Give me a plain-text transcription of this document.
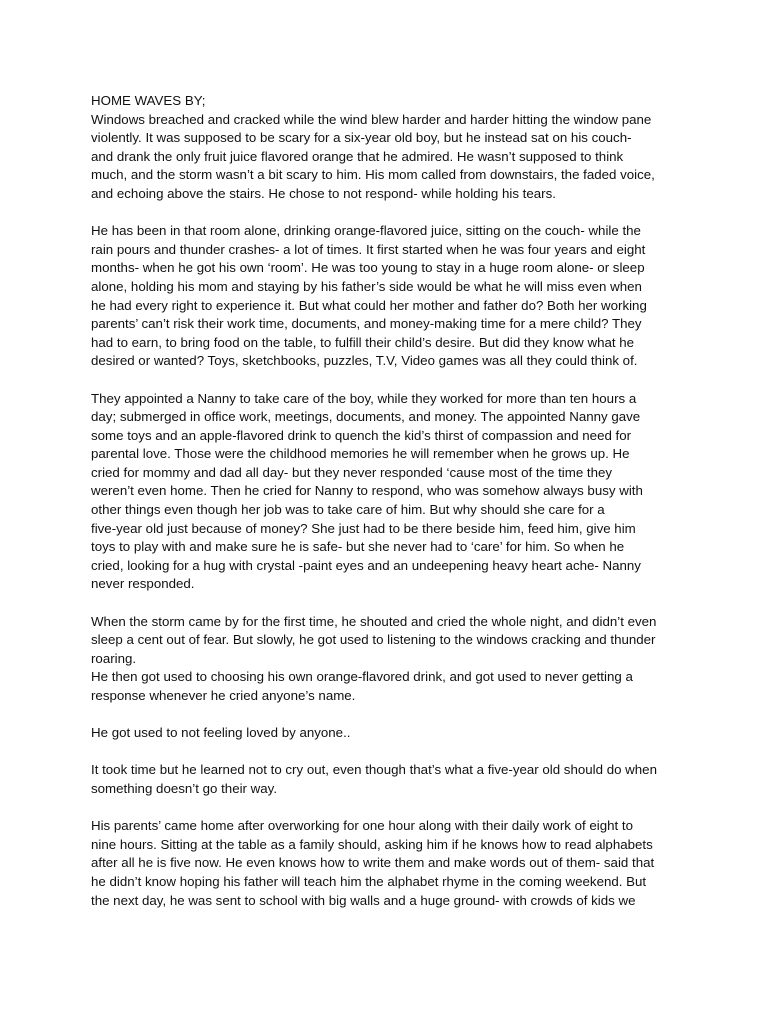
HOME WAVES BY;
Windows breached and cracked while the wind blew harder and harder hitting the window pane
violently. It was supposed to be scary for a six-year old boy, but he instead sat on his couch-
and drank the only fruit juice flavored orange that he admired. He wasn’t supposed to think
much, and the storm wasn’t a bit scary to him. His mom called from downstairs, the faded voice,
and echoing above the stairs. He chose to not respond- while holding his tears.
He has been in that room alone, drinking orange-flavored juice, sitting on the couch- while the
rain pours and thunder crashes- a lot of times. It first started when he was four years and eight
months- when he got his own ‘room’. He was too young to stay in a huge room alone- or sleep
alone, holding his mom and staying by his father’s side would be what he will miss even when
he had every right to experience it. But what could her mother and father do? Both her working
parents’ can’t risk their work time, documents, and money-making time for a mere child? They
had to earn, to bring food on the table, to fulfill their child’s desire. But did they know what he
desired or wanted? Toys, sketchbooks, puzzles, T.V, Video games was all they could think of.
They appointed a Nanny to take care of the boy, while they worked for more than ten hours a
day; submerged in office work, meetings, documents, and money. The appointed Nanny gave
some toys and an apple-flavored drink to quench the kid’s thirst of compassion and need for
parental love. Those were the childhood memories he will remember when he grows up. He
cried for mommy and dad all day- but they never responded ‘cause most of the time they
weren’t even home. Then he cried for Nanny to respond, who was somehow always busy with
other things even though her job was to take care of him. But why should she care for a
five-year old just because of money? She just had to be there beside him, feed him, give him
toys to play with and make sure he is safe- but she never had to ‘care’ for him. So when he
cried, looking for a hug with crystal -paint eyes and an undeepening heavy heart ache- Nanny
never responded.
When the storm came by for the first time, he shouted and cried the whole night, and didn’t even
sleep a cent out of fear. But slowly, he got used to listening to the windows cracking and thunder
roaring.
He then got used to choosing his own orange-flavored drink, and got used to never getting a
response whenever he cried anyone’s name.
He got used to not feeling loved by anyone..
It took time but he learned not to cry out, even though that’s what a five-year old should do when
something doesn’t go their way.
His parents’ came home after overworking for one hour along with their daily work of eight to
nine hours. Sitting at the table as a family should, asking him if he knows how to read alphabets
after all he is five now. He even knows how to write them and make words out of them- said that
he didn’t know hoping his father will teach him the alphabet rhyme in the coming weekend. But
the next day, he was sent to school with big walls and a huge ground- with crowds of kids we
